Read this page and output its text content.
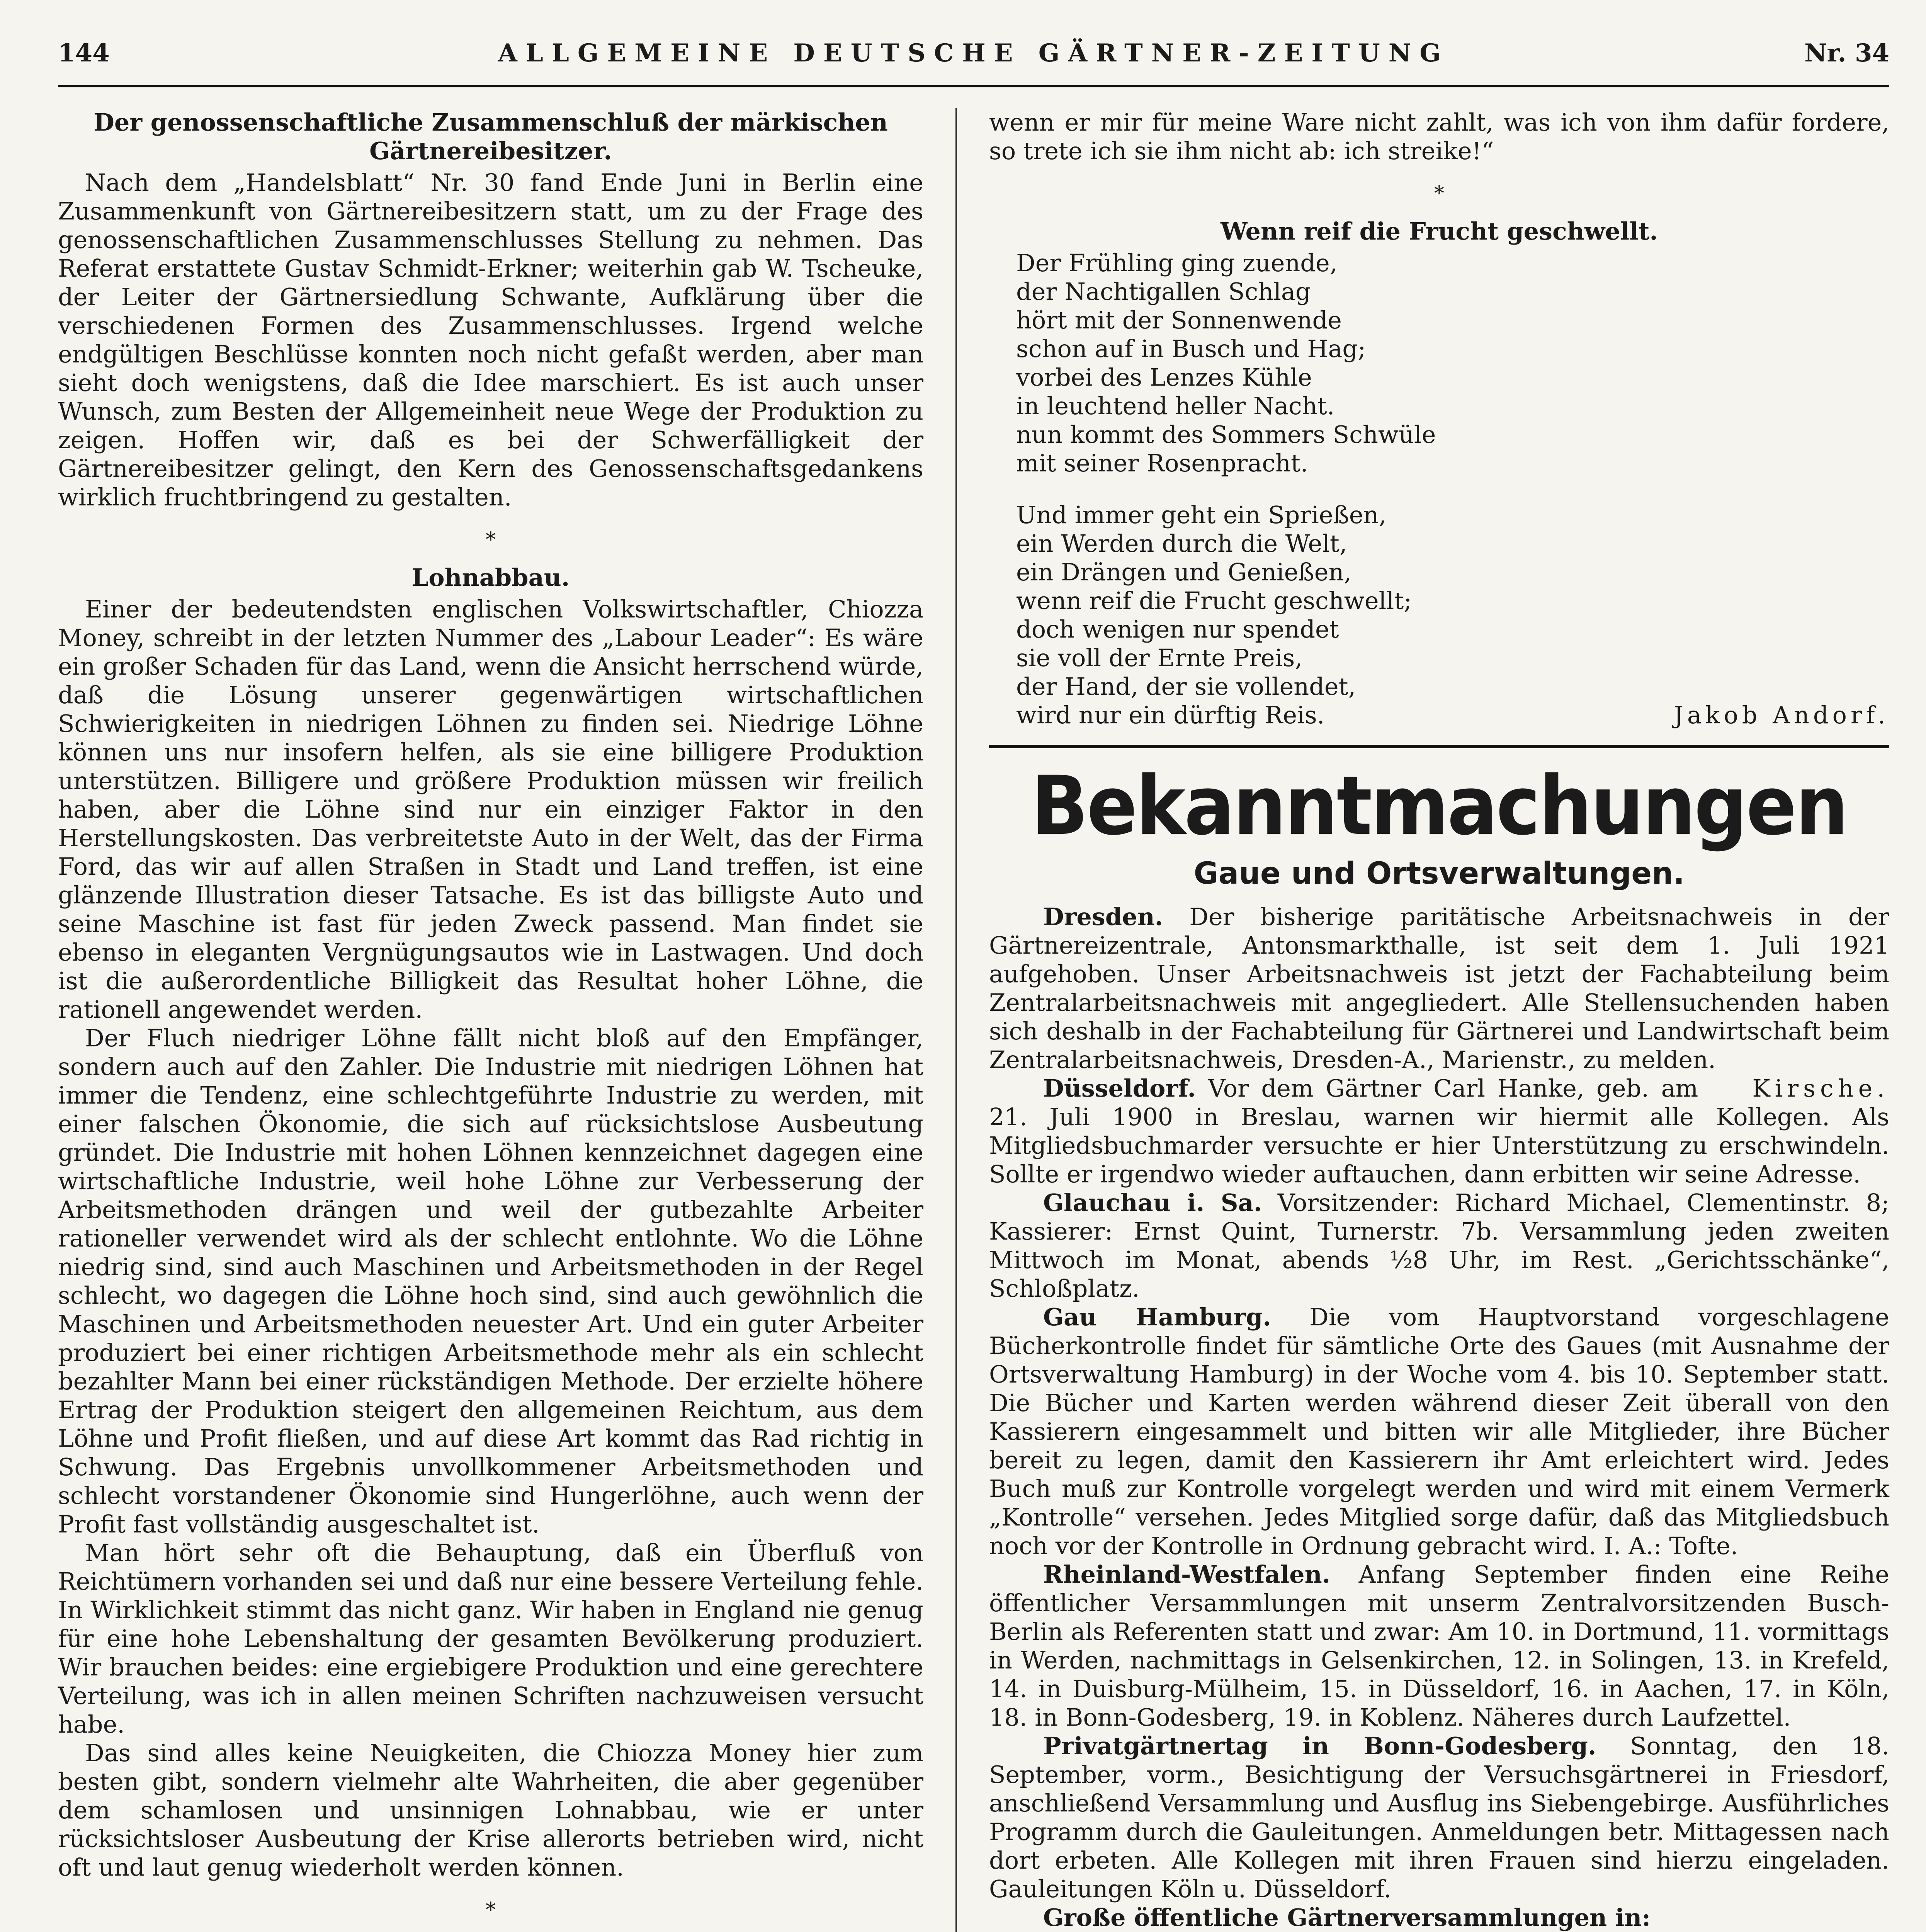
144	ALLGEMEINE DEUTSCHE GÄRTNER-ZEITUNG	Nr. 34
Der genossenschaftliche Zusammenschluß der märkischen Gärtnereibesitzer.

Nach dem „Handelsblatt“ Nr. 30 fand Ende Juni in Berlin eine Zusammenkunft von Gärtnereibesitzern statt, um zu der Frage des genossenschaftlichen Zusammenschlusses Stellung zu nehmen. Das Referat erstattete Gustav Schmidt-Erkner; weiterhin gab W. Tscheuke, der Leiter der Gärtnersiedlung Schwante, Aufklärung über die verschiedenen Formen des Zusammenschlusses. Irgend welche endgültigen Beschlüsse konnten noch nicht gefaßt werden, aber man sieht doch wenigstens, daß die Idee marschiert. Es ist auch unser Wunsch, zum Besten der Allgemeinheit neue Wege der Produktion zu zeigen. Hoffen wir, daß es bei der Schwerfälligkeit der Gärtnereibesitzer gelingt, den Kern des Genossenschaftsgedankens wirklich fruchtbringend zu gestalten.

*
Lohnabbau.

Einer der bedeutendsten englischen Volkswirtschaftler, Chiozza Money, schreibt in der letzten Nummer des „Labour Leader“: Es wäre ein großer Schaden für das Land, wenn die Ansicht herrschend würde, daß die Lösung unserer gegenwärtigen wirtschaftlichen Schwierigkeiten in niedrigen Löhnen zu finden sei. Niedrige Löhne können uns nur insofern helfen, als sie eine billigere Produktion unterstützen. Billigere und größere Produktion müssen wir freilich haben, aber die Löhne sind nur ein einziger Faktor in den Herstellungskosten. Das verbreitetste Auto in der Welt, das der Firma Ford, das wir auf allen Straßen in Stadt und Land treffen, ist eine glänzende Illustration dieser Tatsache. Es ist das billigste Auto und seine Maschine ist fast für jeden Zweck passend. Man findet sie ebenso in eleganten Vergnügungsautos wie in Lastwagen. Und doch ist die außerordentliche Billigkeit das Resultat hoher Löhne, die rationell angewendet werden.

Der Fluch niedriger Löhne fällt nicht bloß auf den Empfänger, sondern auch auf den Zahler. Die Industrie mit niedrigen Löhnen hat immer die Tendenz, eine schlechtgeführte Industrie zu werden, mit einer falschen Ökonomie, die sich auf rücksichtslose Ausbeutung gründet. Die Industrie mit hohen Löhnen kennzeichnet dagegen eine wirtschaftliche Industrie, weil hohe Löhne zur Verbesserung der Arbeitsmethoden drängen und weil der gutbezahlte Arbeiter rationeller verwendet wird als der schlecht entlohnte. Wo die Löhne niedrig sind, sind auch Maschinen und Arbeitsmethoden in der Regel schlecht, wo dagegen die Löhne hoch sind, sind auch gewöhnlich die Maschinen und Arbeitsmethoden neuester Art. Und ein guter Arbeiter produziert bei einer richtigen Arbeitsmethode mehr als ein schlecht bezahlter Mann bei einer rückständigen Methode. Der erzielte höhere Ertrag der Produktion steigert den allgemeinen Reichtum, aus dem Löhne und Profit fließen, und auf diese Art kommt das Rad richtig in Schwung. Das Ergebnis unvollkommener Arbeitsmethoden und schlecht vorstandener Ökonomie sind Hungerlöhne, auch wenn der Profit fast vollständig ausgeschaltet ist.

Man hört sehr oft die Behauptung, daß ein Überfluß von Reichtümern vorhanden sei und daß nur eine bessere Verteilung fehle. In Wirklichkeit stimmt das nicht ganz. Wir haben in England nie genug für eine hohe Lebenshaltung der gesamten Bevölkerung produziert. Wir brauchen beides: eine ergiebigere Produktion und eine gerechtere Verteilung, was ich in allen meinen Schriften nachzuweisen versucht habe.

Das sind alles keine Neuigkeiten, die Chiozza Money hier zum besten gibt, sondern vielmehr alte Wahrheiten, die aber gegenüber dem schamlosen und unsinnigen Lohnabbau, wie er unter rücksichtsloser Ausbeutung der Krise allerorts betrieben wird, nicht oft und laut genug wiederholt werden können.

*

wenn er mir für meine Ware nicht zahlt, was ich von ihm dafür fordere, so trete ich sie ihm nicht ab: ich streike!“

*
Wenn reif die Frucht geschwellt.

Der Frühling ging zuende,

der Nachtigallen Schlag

hört mit der Sonnenwende

schon auf in Busch und Hag;

vorbei des Lenzes Kühle

in leuchtend heller Nacht.

nun kommt des Sommers Schwüle

mit seiner Rosenpracht.

Und immer geht ein Sprießen,

ein Werden durch die Welt,

ein Drängen und Genießen,

wenn reif die Frucht geschwellt;

doch wenigen nur spendet

sie voll der Ernte Preis,

der Hand, der sie vollendet,

wird nur ein dürftig Reis.	Jakob Andorf.

Bekanntmachungen
Gaue und Ortsverwaltungen.

Dresden. Der bisherige paritätische Arbeitsnachweis in der Gärtnereizentrale, Antonsmarkthalle, ist seit dem 1. Juli 1921 aufgehoben. Unser Arbeitsnachweis ist jetzt der Fachabteilung beim Zentralarbeitsnachweis mit angegliedert. Alle Stellensuchenden haben sich deshalb in der Fachabteilung für Gärtnerei und Landwirtschaft beim Zentralarbeitsnachweis, Dresden-A., Marienstr., zu melden.
Kirsche.

Düsseldorf. Vor dem Gärtner Carl Hanke, geb. am 21. Juli 1900 in Breslau, warnen wir hiermit alle Kollegen. Als Mitgliedsbuchmarder versuchte er hier Unterstützung zu erschwindeln. Sollte er irgendwo wieder auftauchen, dann erbitten wir seine Adresse.

Glauchau i. Sa. Vorsitzender: Richard Michael, Clementinstr. 8; Kassierer: Ernst Quint, Turnerstr. 7b. Versammlung jeden zweiten Mittwoch im Monat, abends ½8 Uhr, im Rest. „Gerichtsschänke“, Schloßplatz.

Gau Hamburg. Die vom Hauptvorstand vorgeschlagene Bücherkontrolle findet für sämtliche Orte des Gaues (mit Ausnahme der Ortsverwaltung Hamburg) in der Woche vom 4. bis 10. September statt. Die Bücher und Karten werden während dieser Zeit überall von den Kassierern eingesammelt und bitten wir alle Mitglieder, ihre Bücher bereit zu legen, damit den Kassierern ihr Amt erleichtert wird. Jedes Buch muß zur Kontrolle vorgelegt werden und wird mit einem Vermerk „Kontrolle“ versehen. Jedes Mitglied sorge dafür, daß das Mitgliedsbuch noch vor der Kontrolle in Ordnung gebracht wird. I. A.: Tofte.

Rheinland-Westfalen. Anfang September finden eine Reihe öffentlicher Versammlungen mit unserm Zentralvorsitzenden Busch-Berlin als Referenten statt und zwar: Am 10. in Dortmund, 11. vormittags in Werden, nachmittags in Gelsenkirchen, 12. in Solingen, 13. in Krefeld, 14. in Duisburg-Mülheim, 15. in Düsseldorf, 16. in Aachen, 17. in Köln, 18. in Bonn-Godesberg, 19. in Koblenz. Näheres durch Laufzettel.

Privatgärtnertag in Bonn-Godesberg. Sonntag, den 18. September, vorm., Besichtigung der Versuchsgärtnerei in Friesdorf, anschließend Versammlung und Ausflug ins Siebengebirge. Ausführliches Programm durch die Gauleitungen. Anmeldungen betr. Mittagessen nach dort erbeten. Alle Kollegen mit ihren Frauen sind hierzu eingeladen. Gauleitungen Köln u. Düsseldorf.

Große öffentliche Gärtnerversammlungen in:
